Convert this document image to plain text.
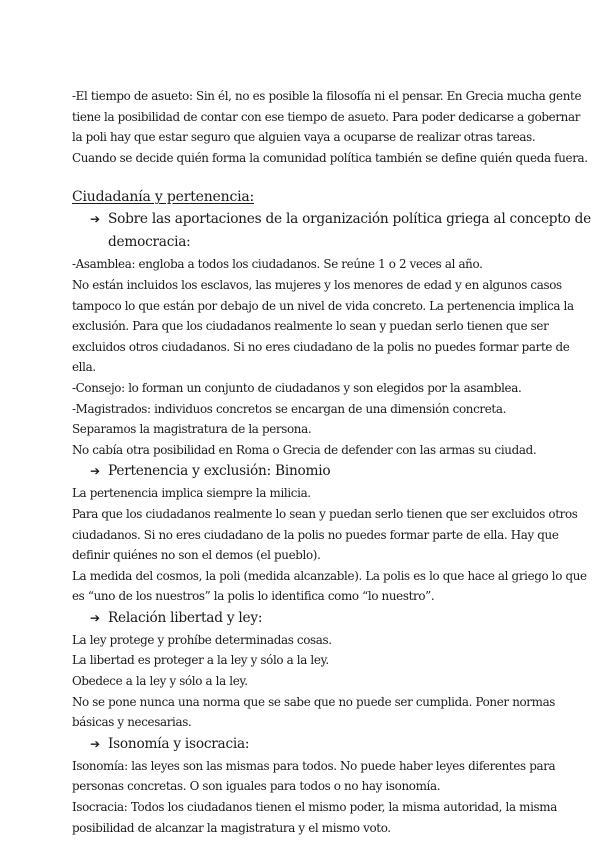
-El tiempo de asueto: Sin él, no es posible la filosofía ni el pensar. En Grecia mucha gente

tiene la posibilidad de contar con ese tiempo de asueto. Para poder dedicarse a gobernar

la poli hay que estar seguro que alguien vaya a ocuparse de realizar otras tareas.

Cuando se decide quién forma la comunidad política también se define quién queda fuera.

Ciudadanía y pertenencia:

➔ Sobre las aportaciones de la organización política griega al concepto de democracia:

-Asamblea: engloba a todos los ciudadanos. Se reúne 1 o 2 veces al año.

No están incluidos los esclavos, las mujeres y los menores de edad y en algunos casos

tampoco lo que están por debajo de un nivel de vida concreto. La pertenencia implica la

exclusión. Para que los ciudadanos realmente lo sean y puedan serlo tienen que ser

excluidos otros ciudadanos. Si no eres ciudadano de la polis no puedes formar parte de

ella.

-Consejo: lo forman un conjunto de ciudadanos y son elegidos por la asamblea.

-Magistrados: individuos concretos se encargan de una dimensión concreta.

Separamos la magistratura de la persona.

No cabía otra posibilidad en Roma o Grecia de defender con las armas su ciudad.

➔ Pertenencia y exclusión: Binomio

La pertenencia implica siempre la milicia.

Para que los ciudadanos realmente lo sean y puedan serlo tienen que ser excluidos otros

ciudadanos. Si no eres ciudadano de la polis no puedes formar parte de ella. Hay que

definir quiénes no son el demos (el pueblo).

La medida del cosmos, la poli (medida alcanzable). La polis es lo que hace al griego lo que

es “uno de los nuestros” la polis lo identifica como “lo nuestro”.

➔ Relación libertad y ley:

La ley protege y prohíbe determinadas cosas.

La libertad es proteger a la ley y sólo a la ley.

Obedece a la ley y sólo a la ley.

No se pone nunca una norma que se sabe que no puede ser cumplida. Poner normas

básicas y necesarias.

➔ Isonomía y isocracia:

Isonomía: las leyes son las mismas para todos. No puede haber leyes diferentes para

personas concretas. O son iguales para todos o no hay isonomía.

Isocracia: Todos los ciudadanos tienen el mismo poder, la misma autoridad, la misma

posibilidad de alcanzar la magistratura y el mismo voto.
